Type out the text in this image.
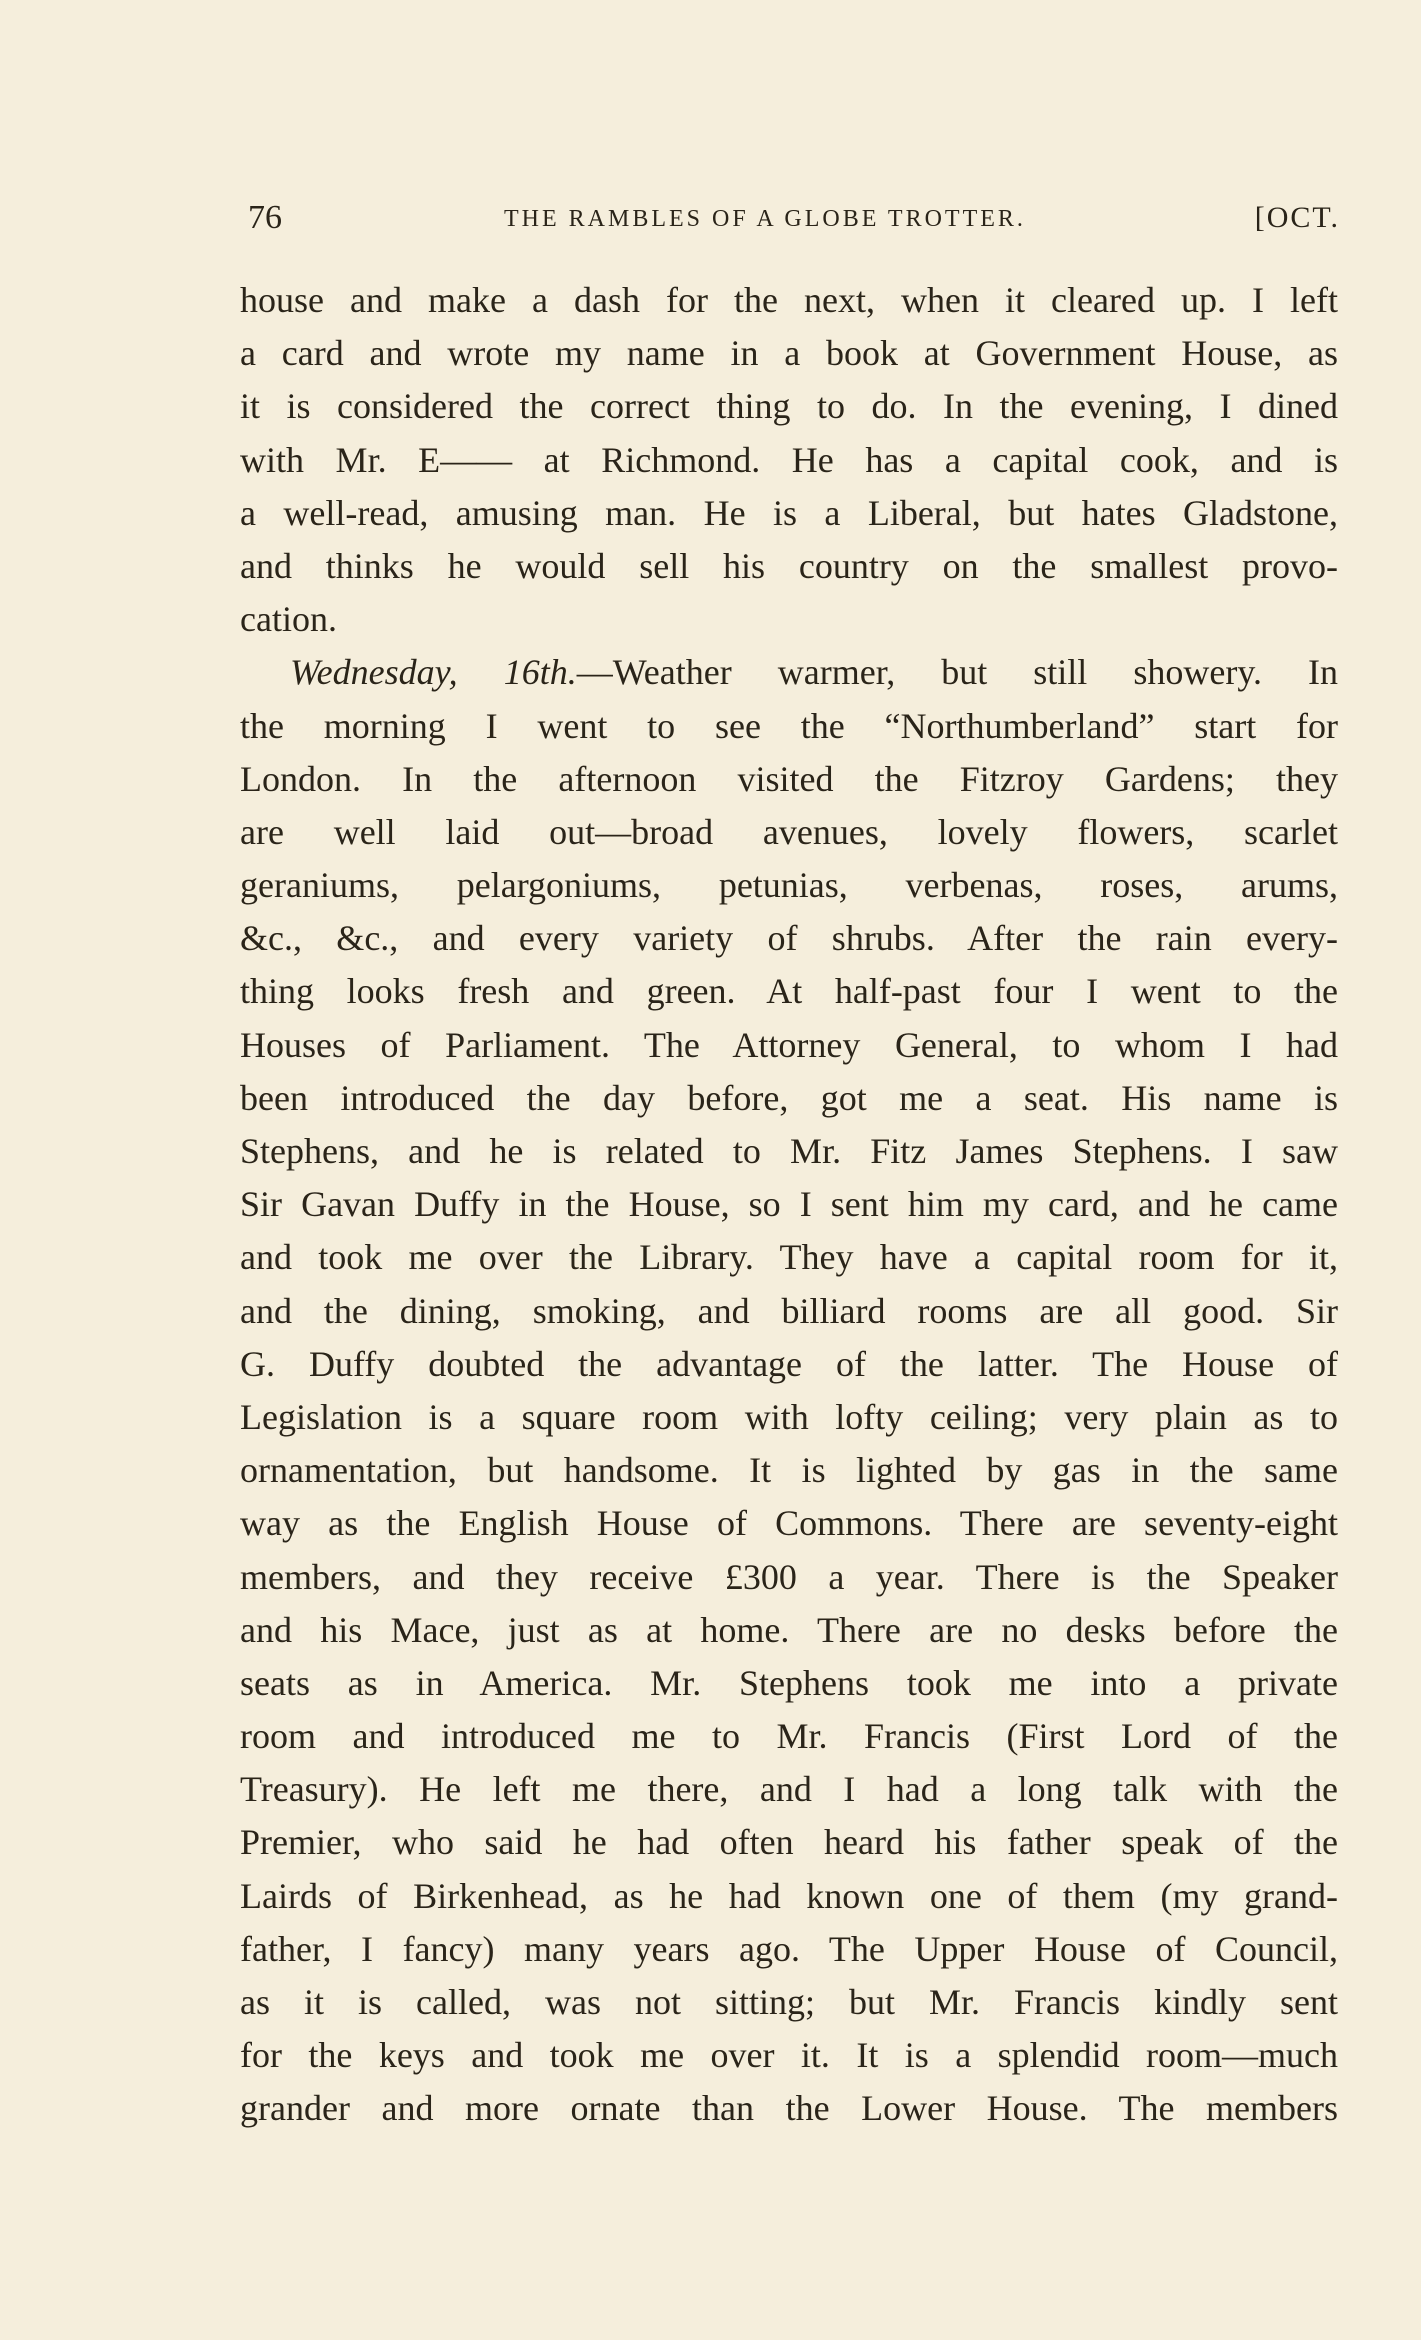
76	THE RAMBLES OF A GLOBE TROTTER.	[OCT.
house and make a dash for the next, when it cleared up. I left
a card and wrote my name in a book at Government House, as
it is considered the correct thing to do. In the evening, I dined
with Mr. E—— at Richmond. He has a capital cook, and is
a well-read, amusing man. He is a Liberal, but hates Gladstone,
and thinks he would sell his country on the smallest provo-
cation.
Wednesday, 16th.—Weather warmer, but still showery. In
the morning I went to see the “Northumberland” start for
London. In the afternoon visited the Fitzroy Gardens; they
are well laid out—broad avenues, lovely flowers, scarlet
geraniums, pelargoniums, petunias, verbenas, roses, arums,
&c., &c., and every variety of shrubs. After the rain every-
thing looks fresh and green. At half-past four I went to the
Houses of Parliament. The Attorney General, to whom I had
been introduced the day before, got me a seat. His name is
Stephens, and he is related to Mr. Fitz James Stephens. I saw
Sir Gavan Duffy in the House, so I sent him my card, and he came
and took me over the Library. They have a capital room for it,
and the dining, smoking, and billiard rooms are all good. Sir
G. Duffy doubted the advantage of the latter. The House of
Legislation is a square room with lofty ceiling; very plain as to
ornamentation, but handsome. It is lighted by gas in the same
way as the English House of Commons. There are seventy-eight
members, and they receive £300 a year. There is the Speaker
and his Mace, just as at home. There are no desks before the
seats as in America. Mr. Stephens took me into a private
room and introduced me to Mr. Francis (First Lord of the
Treasury). He left me there, and I had a long talk with the
Premier, who said he had often heard his father speak of the
Lairds of Birkenhead, as he had known one of them (my grand-
father, I fancy) many years ago. The Upper House of Council,
as it is called, was not sitting; but Mr. Francis kindly sent
for the keys and took me over it. It is a splendid room—much
grander and more ornate than the Lower House. The members
